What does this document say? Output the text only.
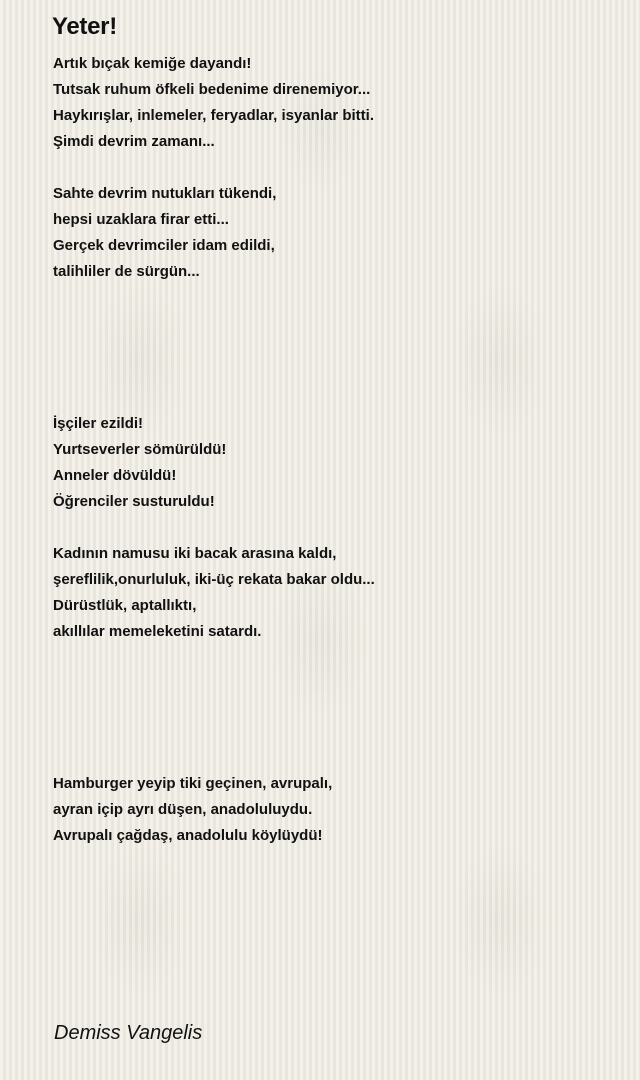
Yeter!

Artık bıçak kemiğe dayandı!

Tutsak ruhum öfkeli bedenime direnemiyor...

Haykırışlar, inlemeler, feryadlar, isyanlar bitti.

Şimdi devrim zamanı...

Sahte devrim nutukları tükendi,

hepsi uzaklara firar etti...

Gerçek devrimciler idam edildi,

talihliler de sürgün...

İşçiler ezildi!

Yurtseverler sömürüldü!

Anneler dövüldü!

Öğrenciler susturuldu!

Kadının namusu iki bacak arasına kaldı,

şereflilik,onurluluk, iki-üç rekata bakar oldu...

Dürüstlük, aptallıktı,

akıllılar memeleketini satardı.

Hamburger yeyip tiki geçinen, avrupalı,

ayran içip ayrı düşen, anadoluluydu.

Avrupalı çağdaş, anadolulu köylüydü!

Demiss Vangelis
